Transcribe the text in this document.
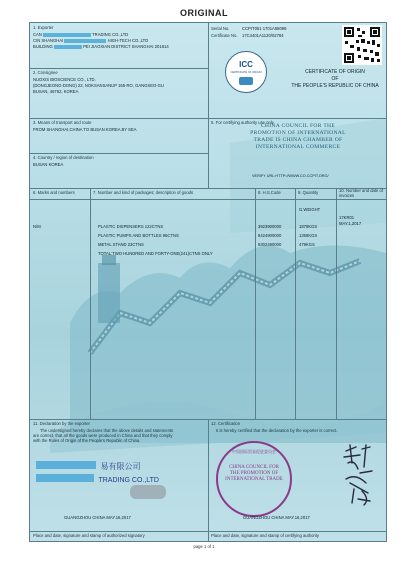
ORIGINAL
1. Exporter
CAN	TRADING CO.,LTD
CIN SHANGHAI	HIGH-TECH CO.,LTD
BUILDING	PEI JIAOXIAN DISTRICT SHANGHAI 201614
2. Consignee
NUOXIS BIOSCIENCE CO., LTD.
(DONGJEONG-DONG) 22, NOKSANSANUP 165-RO, GANGSEO-GU
BUSAN, 46752, KOREA
Serial No.	CCPIT051 1701A58098
Certificate No. 17C4401A1120/02784
ICC
CERTIFICATE OF ORIGIN	CERTIFICATE OF ORIGIN
OF
THE PEOPLE'S REPUBLIC OF CHINA
3. Means of transport and route
FROM SHANGHAI,CHINA TO BUSAN KOREA BY SEA
4. Country / region of destination
BUSAN KOREA
5. For certifying authority use only
CHINA COUNCIL FOR THE
PROMOTION OF INTERNATIONAL
TRADE IS CHINA CHAMBER OF
INTERNATIONAL COMMERCE
VERIFY URL:HTTP://WWW.CO.CCPIT.ORG/
6. Marks and numbers	7. Number and kind of packages; description of goods	8. H.S.Code	9. Quantity	10. Number and date of invoices
N/M
G.WEIGHT
17KR01
MAY.1,2017
PLASTIC DISPENSERS 122CTNS	3923900000	1879KGS
PLASTIC PUMPS AND BOTTLES 96CTNS	8424900000	1358KGS
METAL STAND 23CTNS	8302490000	479KGS
TOTAL:TWO HUNDRED AND FORTY-ONE(241)CTNS ONLY
11. Declaration by the exporter
The undersigned hereby declares that the above details and statements
are correct, that all the goods were produced in China and that they comply
with the Rules of Origin of the People's Republic of China.
易有限公司
TRADING CO.,LTD
GUANGZHOU CHINA MAY.16,2017
Place and date, signature and stamp of authorized signatory
12. Certification
It is hereby certified that the declaration by the exporter is correct.
中国国际贸易促进委员会
CHINA COUNCIL FOR THE PROMOTION OF INTERNATIONAL TRADE
GUANGZHOU CHINA MAY.16,2017
Place and date, signature and stamp of certifying authority
page 1 of 1
